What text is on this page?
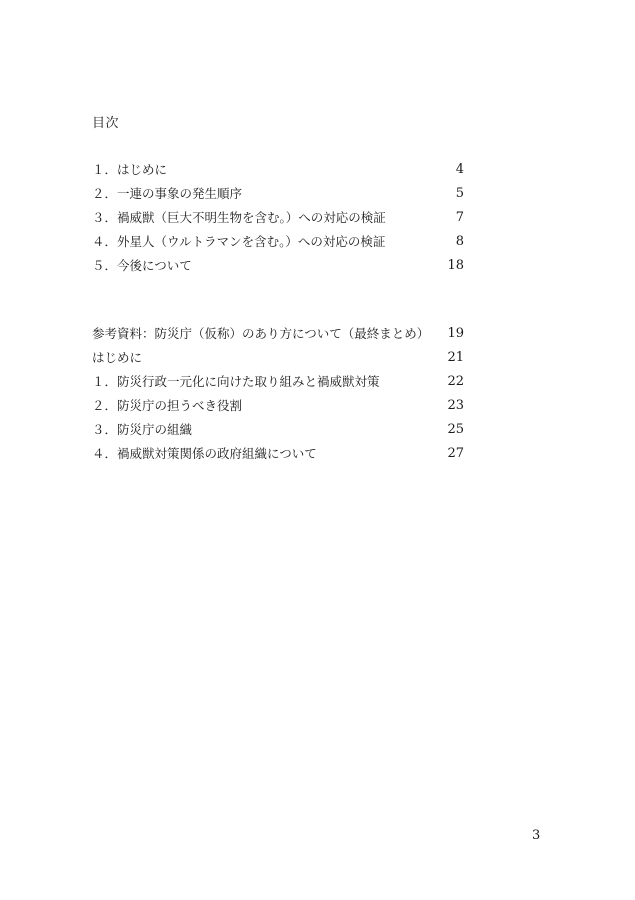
目次
１．はじめに	4
２．一連の事象の発生順序	5
３．禍威獣（巨大不明生物を含む。）への対応の検証	7
４．外星人（ウルトラマンを含む。）への対応の検証	8
５．今後について	18
参考資料：防災庁（仮称）のあり方について（最終まとめ） 19
はじめに	21
１．防災行政一元化に向けた取り組みと禍威獣対策	22
２．防災庁の担うべき役割	23
３．防災庁の組織	25
４．禍威獣対策関係の政府組織について	27
3
